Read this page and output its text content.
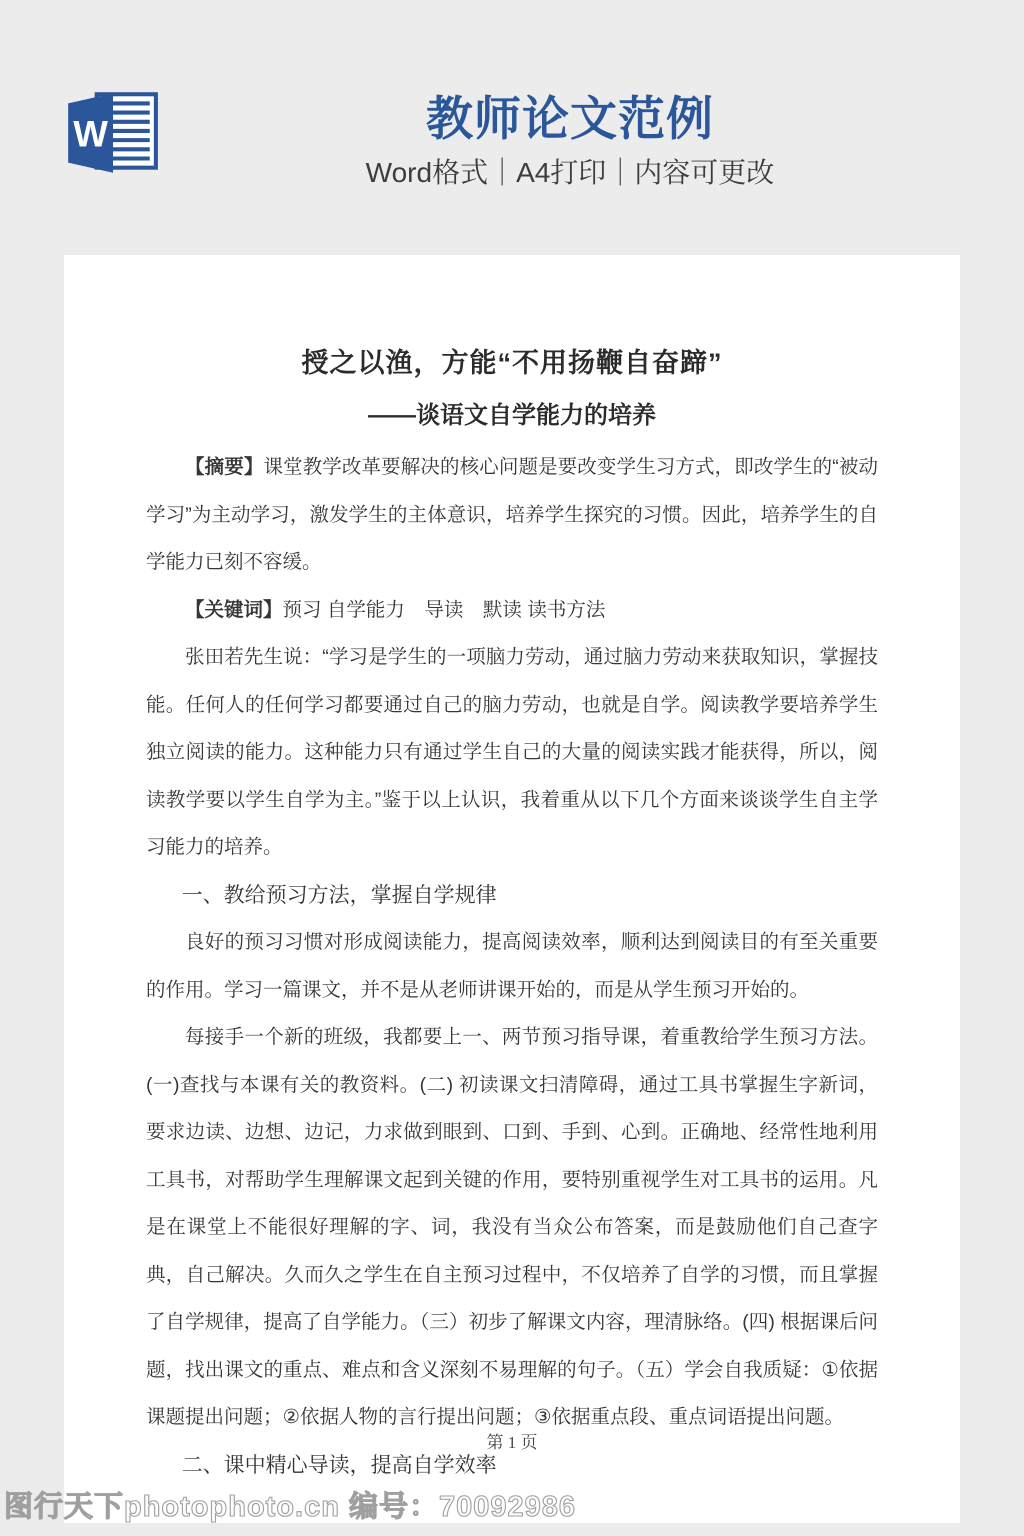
W	教师论文范例
Word格式｜A4打印｜内容可更改
授之以渔，方能“不用扬鞭自奋蹄”
——谈语文自学能力的培养

【摘要】课堂教学改革要解决的核心问题是要改变学生习方式，即改学生的“被动学习”为主动学习，激发学生的主体意识，培养学生探究的习惯。因此，培养学生的自学能力已刻不容缓。

【关键词】预习 自学能力　导读　默读 读书方法

张田若先生说：“学习是学生的一项脑力劳动，通过脑力劳动来获取知识，掌握技能。任何人的任何学习都要通过自己的脑力劳动，也就是自学。阅读教学要培养学生独立阅读的能力。这种能力只有通过学生自己的大量的阅读实践才能获得，所以，阅读教学要以学生自学为主。”鉴于以上认识，我着重从以下几个方面来谈谈学生自主学习能力的培养。

一、教给预习方法，掌握自学规律

良好的预习习惯对形成阅读能力，提高阅读效率，顺利达到阅读目的有至关重要的作用。学习一篇课文，并不是从老师讲课开始的，而是从学生预习开始的。

每接手一个新的班级，我都要上一、两节预习指导课，着重教给学生预习方法。(一)查找与本课有关的教资料。(二) 初读课文扫清障碍，通过工具书掌握生字新词，要求边读、边想、边记，力求做到眼到、口到、手到、心到。正确地、经常性地利用工具书，对帮助学生理解课文起到关键的作用，要特别重视学生对工具书的运用。凡是在课堂上不能很好理解的字、词，我没有当众公布答案，而是鼓励他们自己查字典，自己解决。久而久之学生在自主预习过程中，不仅培养了自学的习惯，而且掌握了自学规律，提高了自学能力。（三）初步了解课文内容，理清脉络。(四) 根据课后问题，找出课文的重点、难点和含义深刻不易理解的句子。（五）学会自我质疑：①依据课题提出问题；②依据人物的言行提出问题；③依据重点段、重点词语提出问题。

二、课中精心导读，提高自学效率
第 1 页
图行天下photophoto.cn 编号：70092986
